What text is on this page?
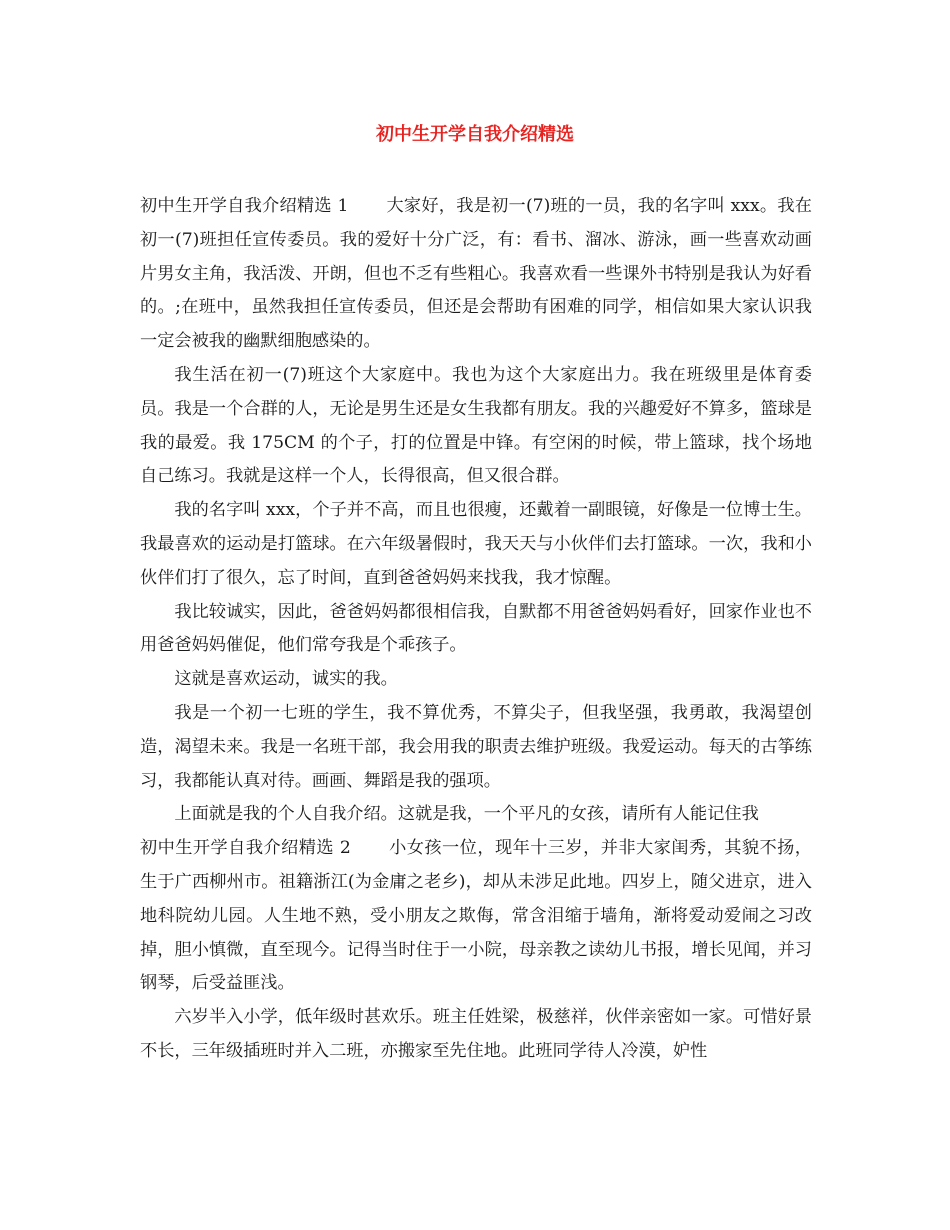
初中生开学自我介绍精选

初中生开学自我介绍精选 1 大家好，我是初一(7)班的一员，我的名字叫 xxx。我在初一(7)班担任宣传委员。我的爱好十分广泛，有：看书、溜冰、游泳，画一些喜欢动画片男女主角，我活泼、开朗，但也不乏有些粗心。我喜欢看一些课外书特别是我认为好看的。;在班中，虽然我担任宣传委员，但还是会帮助有困难的同学，相信如果大家认识我一定会被我的幽默细胞感染的。

我生活在初一(7)班这个大家庭中。我也为这个大家庭出力。我在班级里是体育委员。我是一个合群的人，无论是男生还是女生我都有朋友。我的兴趣爱好不算多，篮球是我的最爱。我 175CM 的个子，打的位置是中锋。有空闲的时候，带上篮球，找个场地自己练习。我就是这样一个人，长得很高，但又很合群。

我的名字叫 xxx，个子并不高，而且也很瘦，还戴着一副眼镜，好像是一位博士生。我最喜欢的运动是打篮球。在六年级暑假时，我天天与小伙伴们去打篮球。一次，我和小伙伴们打了很久，忘了时间，直到爸爸妈妈来找我，我才惊醒。

我比较诚实，因此，爸爸妈妈都很相信我，自默都不用爸爸妈妈看好，回家作业也不用爸爸妈妈催促，他们常夸我是个乖孩子。

这就是喜欢运动，诚实的我。

我是一个初一七班的学生，我不算优秀，不算尖子，但我坚强，我勇敢，我渴望创造，渴望未来。我是一名班干部，我会用我的职责去维护班级。我爱运动。每天的古筝练习，我都能认真对待。画画、舞蹈是我的强项。

上面就是我的个人自我介绍。这就是我，一个平凡的女孩，请所有人能记住我

初中生开学自我介绍精选 2 小女孩一位，现年十三岁，并非大家闺秀，其貌不扬，生于广西柳州市。祖籍浙江(为金庸之老乡)，却从未涉足此地。四岁上，随父进京，进入地科院幼儿园。人生地不熟，受小朋友之欺侮，常含泪缩于墙角，渐将爱动爱闹之习改掉，胆小慎微，直至现今。记得当时住于一小院，母亲教之读幼儿书报，增长见闻，并习钢琴，后受益匪浅。

六岁半入小学，低年级时甚欢乐。班主任姓梁，极慈祥，伙伴亲密如一家。可惜好景不长，三年级插班时并入二班，亦搬家至先住地。此班同学待人冷漠，妒性
